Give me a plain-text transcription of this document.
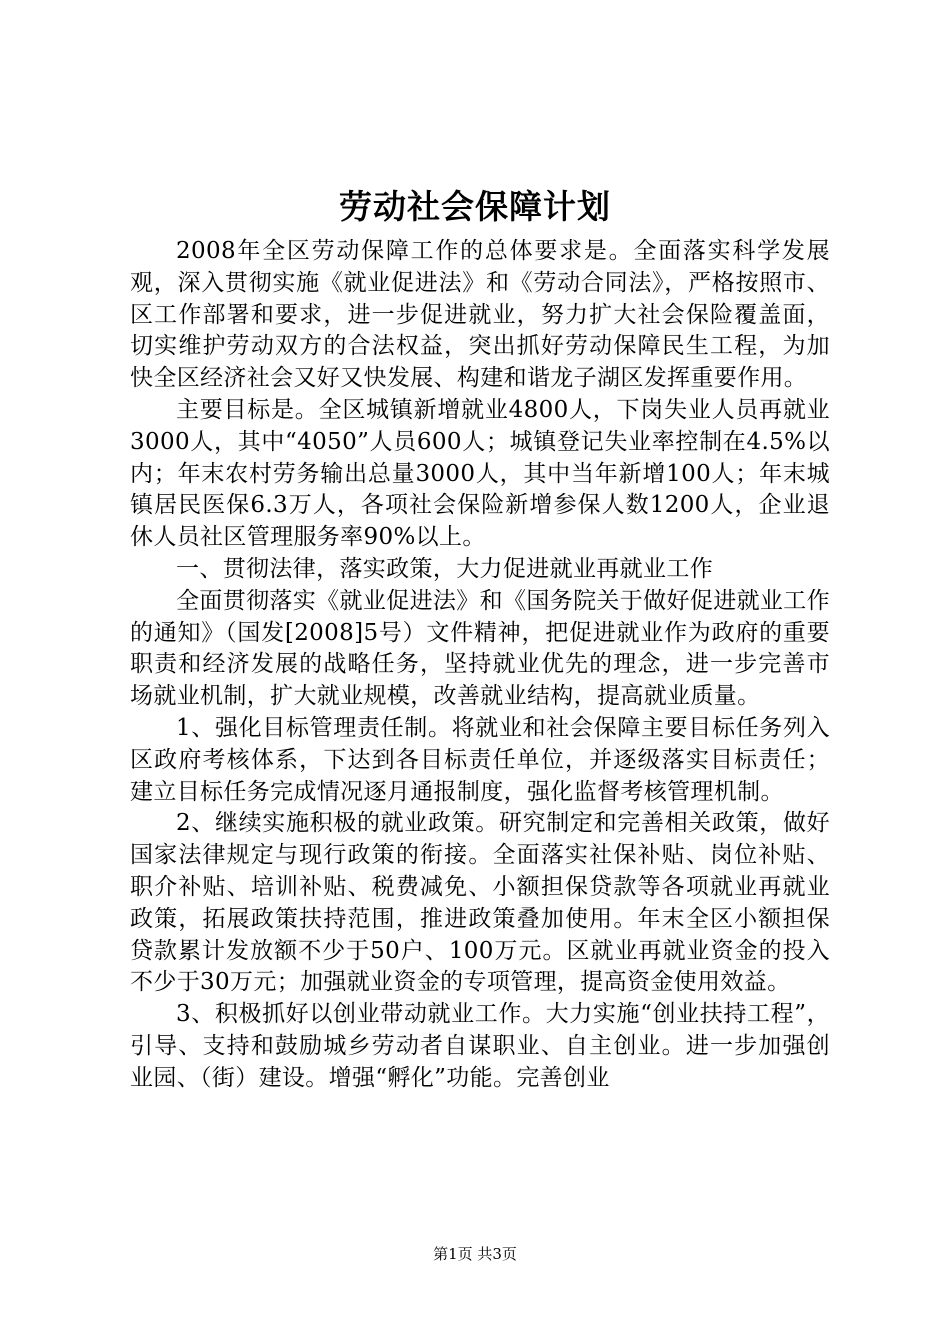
劳动社会保障计划

2008年全区劳动保障工作的总体要求是。全面落实科学发展观，深入贯彻实施《就业促进法》和《劳动合同法》，严格按照市、区工作部署和要求，进一步促进就业，努力扩大社会保险覆盖面，切实维护劳动双方的合法权益，突出抓好劳动保障民生工程，为加快全区经济社会又好又快发展、构建和谐龙子湖区发挥重要作用。

主要目标是。全区城镇新增就业4800人，下岗失业人员再就业3000人，其中“4050”人员600人；城镇登记失业率控制在4.5%以内；年末农村劳务输出总量3000人，其中当年新增100人；年末城镇居民医保6.3万人，各项社会保险新增参保人数1200人，企业退休人员社区管理服务率90%以上。

一、贯彻法律，落实政策，大力促进就业再就业工作

全面贯彻落实《就业促进法》和《国务院关于做好促进就业工作的通知》（国发[2008]5号）文件精神，把促进就业作为政府的重要职责和经济发展的战略任务，坚持就业优先的理念，进一步完善市场就业机制，扩大就业规模，改善就业结构，提高就业质量。

1、强化目标管理责任制。将就业和社会保障主要目标任务列入区政府考核体系，下达到各目标责任单位，并逐级落实目标责任；建立目标任务完成情况逐月通报制度，强化监督考核管理机制。

2、继续实施积极的就业政策。研究制定和完善相关政策，做好国家法律规定与现行政策的衔接。全面落实社保补贴、岗位补贴、职介补贴、培训补贴、税费减免、小额担保贷款等各项就业再就业政策，拓展政策扶持范围，推进政策叠加使用。年末全区小额担保贷款累计发放额不少于50户、100万元。区就业再就业资金的投入不少于30万元；加强就业资金的专项管理，提高资金使用效益。

3、积极抓好以创业带动就业工作。大力实施“创业扶持工程”，引导、支持和鼓励城乡劳动者自谋职业、自主创业。进一步加强创业园、（街）建设。增强“孵化”功能。完善创业

第1页 共3页
